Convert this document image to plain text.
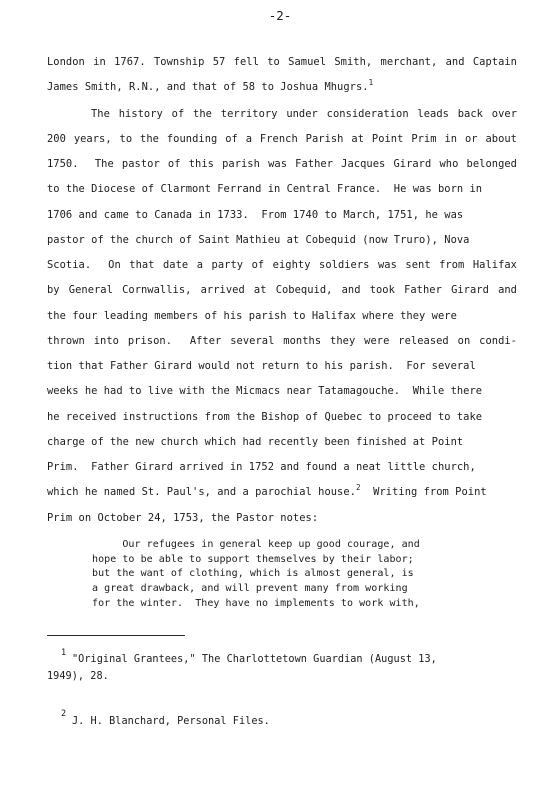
-2-
London in 1767. Township 57 fell to Samuel Smith, merchant, and Captain
James Smith, R.N., and that of 58 to Joshua Mhugrs.$^1$
The history of the territory under consideration leads back over
200 years, to the founding of a French Parish at Point Prim in or about
1750.  The pastor of this parish was Father Jacques Girard who belonged
to the Diocese of Clarmont Ferrand in Central France.  He was born in
1706 and came to Canada in 1733.  From 1740 to March, 1751, he was
pastor of the church of Saint Mathieu at Cobequid (now Truro), Nova
Scotia.  On that date a party of eighty soldiers was sent from Halifax
by General Cornwallis, arrived at Cobequid, and took Father Girard and
the four leading members of his parish to Halifax where they were
thrown into prison.  After several months they were released on condi-
tion that Father Girard would not return to his parish.  For several
weeks he had to live with the Micmacs near Tatamagouche.  While there
he received instructions from the Bishop of Quebec to proceed to take
charge of the new church which had recently been finished at Point
Prim.  Father Girard arrived in 1752 and found a neat little church,
which he named St. Paul's, and a parochial house.$^2$  Writing from Point
Prim on October 24, 1753, the Pastor notes:
Our refugees in general keep up good courage, and
hope to be able to support themselves by their labor;
but the want of clothing, which is almost general, is
a great drawback, and will prevent many from working
for the winter.  They have no implements to work with,
1
"Original Grantees," The Charlottetown Guardian (August 13,
1949), 28.
2
J. H. Blanchard, Personal Files.
